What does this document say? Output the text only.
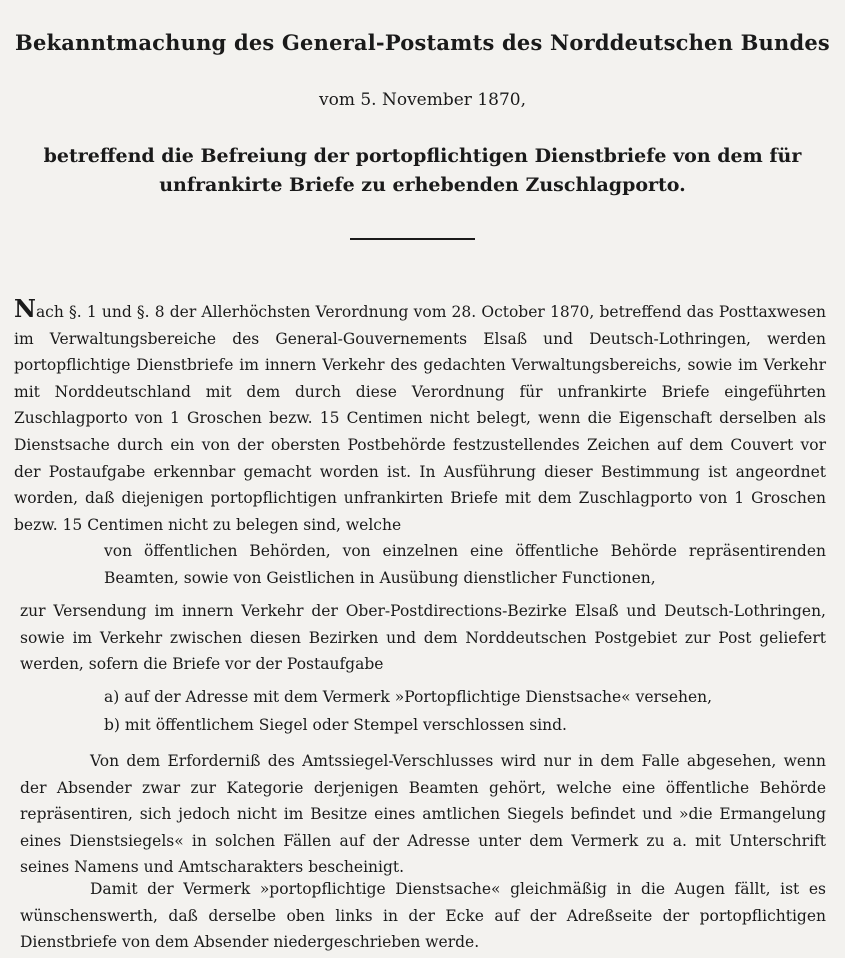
Bekanntmachung des General-Postamts des Norddeutschen Bundes
vom 5. November 1870,
betreffend die Befreiung der portopflichtigen Dienstbriefe von dem für unfrankirte Briefe zu erhebenden Zuschlagporto.

Nach §. 1 und §. 8 der Allerhöchsten Verordnung vom 28. October 1870, betreffend das Posttaxwesen im Verwaltungsbereiche des General-Gouvernements Elsaß und Deutsch-Lothringen, werden portopflichtige Dienstbriefe im innern Verkehr des gedachten Verwaltungsbereichs, sowie im Verkehr mit Norddeutschland mit dem durch diese Verordnung für unfrankirte Briefe eingeführten Zuschlagporto von 1 Groschen bezw. 15 Centimen nicht belegt, wenn die Eigenschaft derselben als Dienstsache durch ein von der obersten Postbehörde festzustellendes Zeichen auf dem Couvert vor der Postaufgabe erkennbar gemacht worden ist. In Ausführung dieser Bestimmung ist angeordnet worden, daß diejenigen portopflichtigen unfrankirten Briefe mit dem Zuschlagporto von 1 Groschen bezw. 15 Centimen nicht zu belegen sind, welche

von öffentlichen Behörden, von einzelnen eine öffentliche Behörde repräsentirenden Beamten, sowie von Geistlichen in Ausübung dienstlicher Functionen,

zur Versendung im innern Verkehr der Ober-Postdirections-Bezirke Elsaß und Deutsch-Lothringen, sowie im Verkehr zwischen diesen Bezirken und dem Norddeutschen Postgebiet zur Post geliefert werden, sofern die Briefe vor der Postaufgabe

a) auf der Adresse mit dem Vermerk »Portopflichtige Dienstsache« versehen,
b) mit öffentlichem Siegel oder Stempel verschlossen sind.

Von dem Erforderniß des Amtssiegel-Verschlusses wird nur in dem Falle abgesehen, wenn der Absender zwar zur Kategorie derjenigen Beamten gehört, welche eine öffentliche Behörde repräsentiren, sich jedoch nicht im Besitze eines amtlichen Siegels befindet und »die Ermangelung eines Dienstsiegels« in solchen Fällen auf der Adresse unter dem Vermerk zu a. mit Unterschrift seines Namens und Amtscharakters bescheinigt.

Damit der Vermerk »portopflichtige Dienstsache« gleichmäßig in die Augen fällt, ist es wünschenswerth, daß derselbe oben links in der Ecke auf der Adreßseite der portopflichtigen Dienstbriefe von dem Absender niedergeschrieben werde.
